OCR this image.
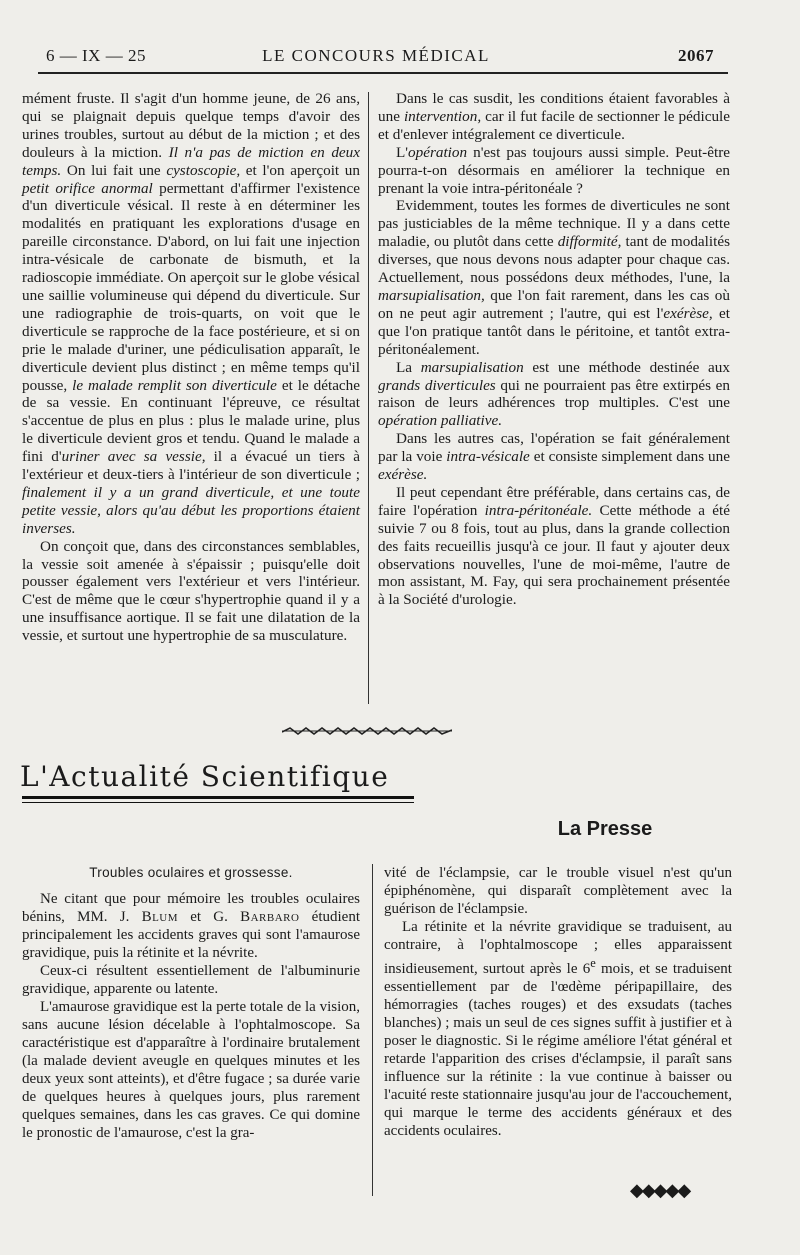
6 — IX — 25	LE CONCOURS MÉDICAL	2067

mément fruste. Il s'agit d'un homme jeune, de 26 ans, qui se plaignait depuis quelque temps d'avoir des urines troubles, surtout au début de la miction ; et des douleurs à la miction. Il n'a pas de miction en deux temps. On lui fait une cystoscopie, et l'on aperçoit un petit orifice anormal permettant d'affirmer l'existence d'un diverticule vésical. Il reste à en déterminer les modalités en pratiquant les explorations d'usage en pareille circonstance. D'abord, on lui fait une injection intra-vésicale de carbonate de bismuth, et la radioscopie immédiate. On aperçoit sur le globe vésical une saillie volumineuse qui dépend du diverticule. Sur une radiographie de trois-quarts, on voit que le diverticule se rapproche de la face postérieure, et si on prie le malade d'uriner, une pédiculisation apparaît, le diverticule devient plus distinct ; en même temps qu'il pousse, le malade remplit son diverticule et le détache de sa vessie. En continuant l'épreuve, ce résultat s'accentue de plus en plus : plus le malade urine, plus le diverticule devient gros et tendu. Quand le malade a fini d'uriner avec sa vessie, il a évacué un tiers à l'extérieur et deux-tiers à l'intérieur de son diverticule ; finalement il y a un grand diverticule, et une toute petite vessie, alors qu'au début les proportions étaient inverses.

On conçoit que, dans des circonstances semblables, la vessie soit amenée à s'épaissir ; puisqu'elle doit pousser également vers l'extérieur et vers l'intérieur. C'est de même que le cœur s'hypertrophie quand il y a une insuffisance aortique. Il se fait une dilatation de la vessie, et surtout une hypertrophie de sa musculature.

Dans le cas susdit, les conditions étaient favorables à une intervention, car il fut facile de sectionner le pédicule et d'enlever intégralement ce diverticule.

L'opération n'est pas toujours aussi simple. Peut-être pourra-t-on désormais en améliorer la technique en prenant la voie intra-péritonéale ?

Evidemment, toutes les formes de diverticules ne sont pas justiciables de la même technique. Il y a dans cette maladie, ou plutôt dans cette difformité, tant de modalités diverses, que nous devons nous adapter pour chaque cas. Actuellement, nous possédons deux méthodes, l'une, la marsupialisation, que l'on fait rarement, dans les cas où on ne peut agir autrement ; l'autre, qui est l'exérèse, et que l'on pratique tantôt dans le péritoine, et tantôt extra-péritonéalement.

La marsupialisation est une méthode destinée aux grands diverticules qui ne pourraient pas être extirpés en raison de leurs adhérences trop multiples. C'est une opération palliative.

Dans les autres cas, l'opération se fait généralement par la voie intra-vésicale et consiste simplement dans une exérèse.

Il peut cependant être préférable, dans certains cas, de faire l'opération intra-péritonéale. Cette méthode a été suivie 7 ou 8 fois, tout au plus, dans la grande collection des faits recueillis jusqu'à ce jour. Il faut y ajouter deux observations nouvelles, l'une de moi-même, l'autre de mon assistant, M. Fay, qui sera prochainement présentée à la Société d'urologie.

L'Actualité Scientifique
La Presse
Troubles oculaires et grossesse.

Ne citant que pour mémoire les troubles oculaires bénins, MM. J. Blum et G. Barbaro étudient principalement les accidents graves qui sont l'amaurose gravidique, puis la rétinite et la névrite.

Ceux-ci résultent essentiellement de l'albuminurie gravidique, apparente ou latente.

L'amaurose gravidique est la perte totale de la vision, sans aucune lésion décelable à l'ophtalmoscope. Sa caractéristique est d'apparaître à l'ordinaire brutalement (la malade devient aveugle en quelques minutes et les deux yeux sont atteints), et d'être fugace ; sa durée varie de quelques heures à quelques jours, plus rarement quelques semaines, dans les cas graves. Ce qui domine le pronostic de l'amaurose, c'est la gra-

vité de l'éclampsie, car le trouble visuel n'est qu'un épiphénomène, qui disparaît complètement avec la guérison de l'éclampsie.

La rétinite et la névrite gravidique se traduisent, au contraire, à l'ophtalmoscope ; elles apparaissent insidieusement, surtout après le 6e mois, et se traduisent essentiellement par de l'œdème péripapillaire, des hémorragies (taches rouges) et des exsudats (taches blanches) ; mais un seul de ces signes suffit à justifier et à poser le diagnostic. Si le régime améliore l'état général et retarde l'apparition des crises d'éclampsie, il paraît sans influence sur la rétinite : la vue continue à baisser ou l'acuité reste stationnaire jusqu'au jour de l'accouchement, qui marque le terme des accidents généraux et des accidents oculaires.

◆◆◆◆◆
